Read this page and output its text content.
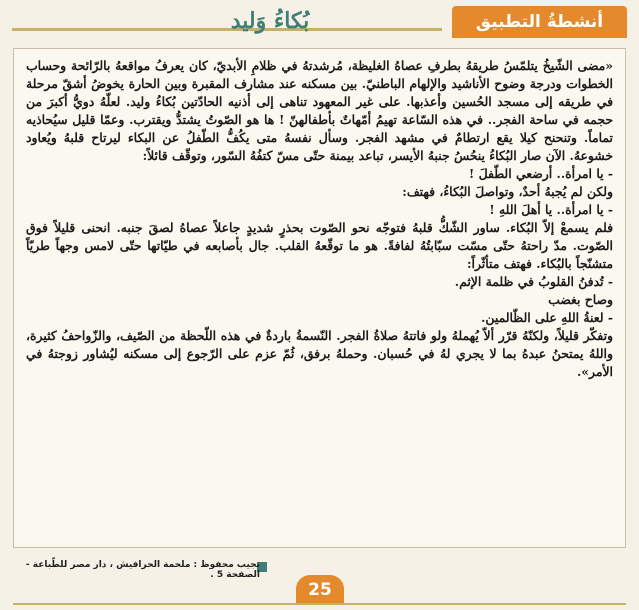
أنشطةُ التطبيق
بُكاءُ وَليد

«مضى الشّيخُ يتلمّسُ طريقهُ بطرفِ عصاهُ الغليظة، مُرشدتهُ في ظلامِ الأبديّ، كان يعرفُ مواقعهُ بالرّائحة وحساب الخطوات ودرجة وضوح الأناشيد والإلهام الباطنيّ. بين مسكنه عند مشارف المقبرة وبين الحارة يخوضُ أشقّ مرحلة في طريقه إلى مسجد الحُسين وأعذبها. على غير المعهود تناهى إلى أذنيه الحادّتين بُكاءُ وليد. لعلّهُ دويُّ أكبرَ من حجمه في ساحة الفجر.. في هذه السّاعة تهيمُ أمّهاتٌ بأطفالهنّ ! ها هو الصّوتُ يشتدُّ ويقترب. وعمّا قليل سيُحاذيه تماماً. وتنحنح كيلا يقع ارتطامٌ في مشهد الفجر. وسأل نفسهُ متى يكُفُّ الطّفلُ عن البكاء ليرتاح قلبهُ ويُعاود خشوعهُ. الآن صار البُكاءُ ينحُسُ جنبهُ الأيسر، تباعد بيمنة حتّى مسّ كتفُهُ السّور، وتوقّف قائلاً:

- يا امرأة.. أرضعي الطّفلَ !

ولكن لم يُجبهُ أحدٌ، وتواصلَ البُكاءُ، فهتف:

- يا امرأة.. يا أهلَ اللهِ !

فلم يسمعْ إلاّ البُكاء. ساور الشّكُّ قلبهُ فتوجّه نحو الصّوت بحذرٍ شديدٍ جاعلاً عصاهُ لصقَ جنبه. انحنى قليلاً فوق الصّوت. مدّ راحتهُ حتّى مسّت سبّابتُهُ لفافةً. هو ما توقّعهُ القلب. جال بأصابعه في طيّاتها حتّى لامس وجهاً طريّاً متشنّجاً بالبُكاء. فهتف متأثّراً:

- تُدفنُ القلوبُ في ظلمة الإثم.

وصاح بغضب

- لعنةُ اللهِ على الظّالمين.

وتفكّر قليلاً، ولكنّهُ قرّر ألاّ يُهملهُ ولو فاتتهُ صلاةُ الفجر. النّسمةُ باردةٌ في هذه اللّحظة من الصّيف، والزّواحفُ كثيرة، واللهُ يمتحنُ عبدهُ بما لا يجري لهُ في حُسبان. وحملهُ برفق، ثُمّ عزم على الرّجوع إلى مسكنه ليُشاور زوجتهُ في الأمر».

نجيب محفوظ : ملحمة الحرافيش ، دار مصر للطّباعة - الصفحة 5 .
25
